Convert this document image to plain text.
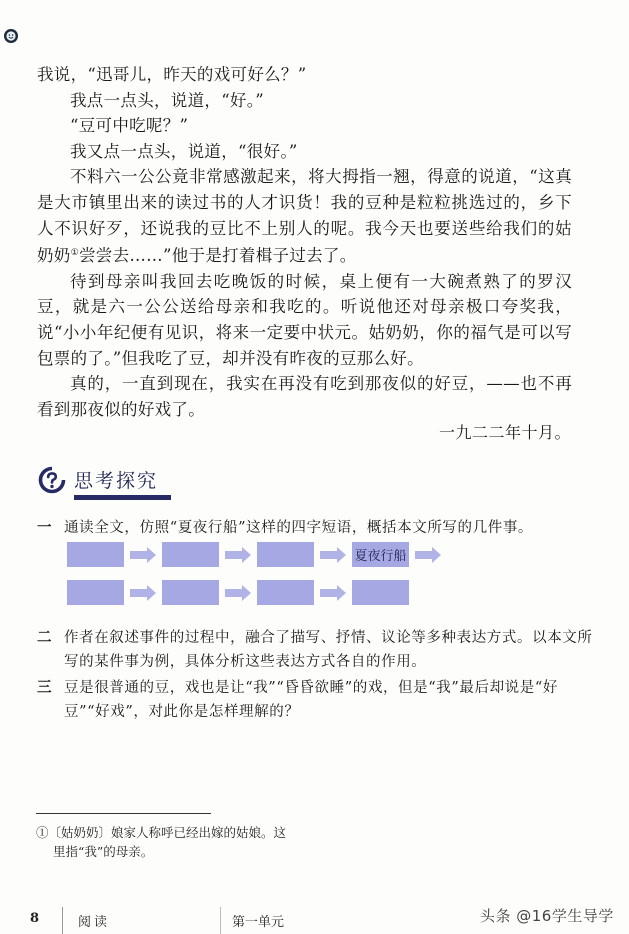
我说，“迅哥儿，昨天的戏可好么？”

我点一点头，说道，“好。”

“豆可中吃呢？”

我又点一点头，说道，“很好。”

不料六一公公竟非常感激起来，将大拇指一翘，得意的说道，“这真是大市镇里出来的读过书的人才识货！我的豆种是粒粒挑选过的，乡下人不识好歹，还说我的豆比不上别人的呢。我今天也要送些给我们的姑奶奶①尝尝去……”他于是打着楫子过去了。

待到母亲叫我回去吃晚饭的时候，桌上便有一大碗煮熟了的罗汉豆，就是六一公公送给母亲和我吃的。听说他还对母亲极口夸奖我，说“小小年纪便有见识，将来一定要中状元。姑奶奶，你的福气是可以写包票的了。”但我吃了豆，却并没有昨夜的豆那么好。

真的，一直到现在，我实在再没有吃到那夜似的好豆，——也不再看到那夜似的好戏了。

一九二二年十月。
思考探究
一 通读全文，仿照“夏夜行船”这样的四字短语，概括本文所写的几件事。
夏夜行船
二 作者在叙述事件的过程中，融合了描写、抒情、议论等多种表达方式。以本文所写的某件事为例，具体分析这些表达方式各自的作用。
三 豆是很普通的豆，戏也是让“我”“昏昏欲睡”的戏，但是“我”最后却说是“好豆”“好戏”，对此你是怎样理解的？
①〔姑奶奶〕娘家人称呼已经出嫁的姑娘。这
里指“我”的母亲。
8	阅读	第一单元	头条 @16学生导学
